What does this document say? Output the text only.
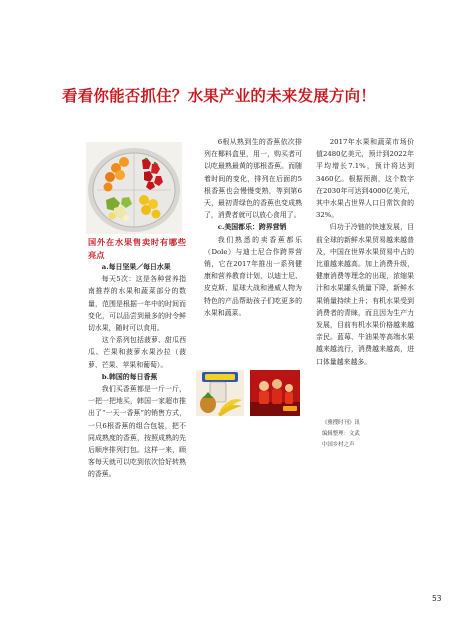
看看你能否抓住？水果产业的未来发展方向！

国外在水果售卖时有哪些亮点

a.每日坚果／每日水果

每天5次：这是各种营养指南推荐的水果和蔬菜部分的数量，范围是根据一年中的时间而变化，可以品尝到最多的时令鲜切水果，随时可以食用。

这个系列包括菠萝、甜瓜西瓜、芒果和菠萝水果沙拉（菠萝、芒果、苹果和葡萄）。

b.韩国的每日香蕉

我们买香蕉都是一斤一斤，一把一把地买，韩国一家超市推出了“一天一香蕉”的销售方式，一只6根香蕉的组合包装，把不同成熟度的香蕉，按照成熟的先后顺序排列打包。这样一来，顾客每天就可以吃到依次恰好转熟的香蕉。

6根从熟到生的香蕉依次排列在椰料盒里，用一，购买者可以吃最熟最黄的那根香蕉。而随着时间的变化，排列在后面的5根香蕉也会慢慢变熟，等到第6天，最初青绿色的香蕉也变成熟了，消费者就可以放心食用了。

c.美国都乐：跨界营销

我们熟悉的卖香蕉都乐（Dole）与迪士尼合作跨界营销，它在2017年推出一系列健康和营养教育计划，以迪士尼、皮克斯、星球大战和漫威人物为特色的产品帮助孩子们吃更多的水果和蔬菜。

2017年水果和蔬菜市场价值2480亿美元，预计到2022年平均增长7.1%，预计将达到3460亿。根据预测，这个数字在2030年可达到4000亿美元，其中水果占世界人口日常饮食的32%。

归功于冷链的快速发展，目前全球的新鲜水果贸易越来越普及，中国在世界水果贸易中占的比重越来越高。加上消费升级，健康消费等理念的出现，浓缩果汁和水果罐头销量下降，新鲜水果销量持续上升；有机水果受到消费者的青睐，而且因为生产力发展，目前有机水果价格越来越亲民。蓝莓、牛油果等高端水果越来越流行，消费越来越高，进口体量越来越多。

《雅搜时刊》讯
编辑整理：文武
中国乡村之声
53
